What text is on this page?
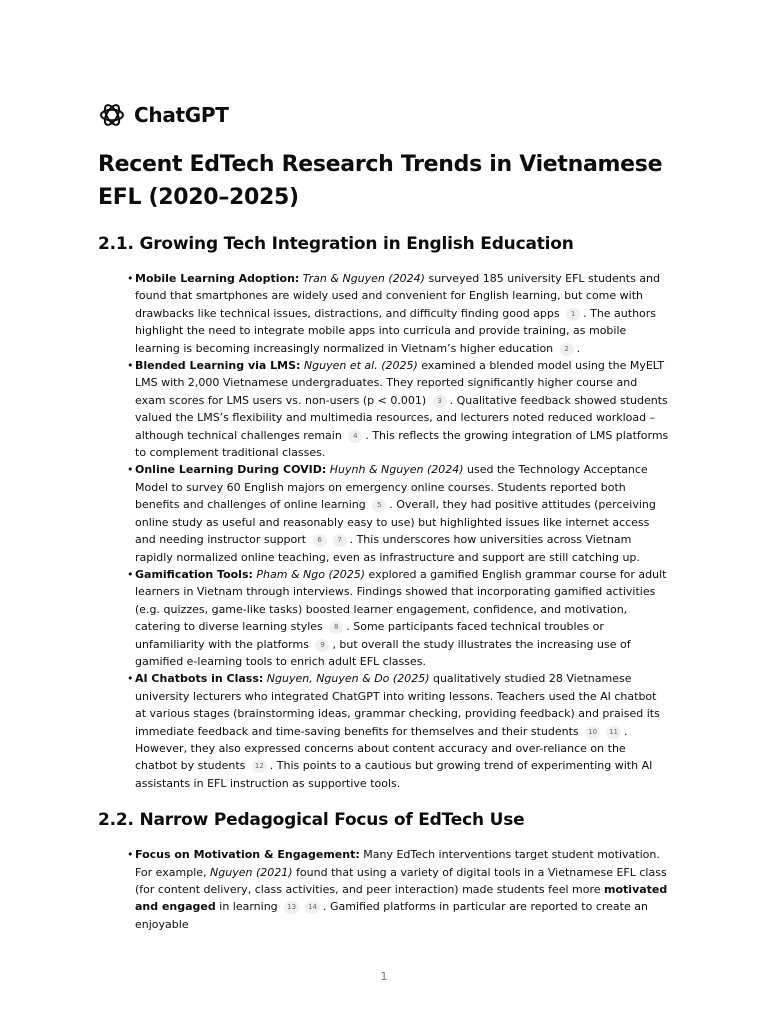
ChatGPT
Recent EdTech Research Trends in Vietnamese EFL (2020–2025)
2.1. Growing Tech Integration in English Education
• Mobile Learning Adoption: Tran & Nguyen (2024) surveyed 185 university EFL students and found that smartphones are widely used and convenient for English learning, but come with drawbacks like technical issues, distractions, and difficulty finding good apps 1 . The authors highlight the need to integrate mobile apps into curricula and provide training, as mobile learning is becoming increasingly normalized in Vietnam’s higher education 2 .
• Blended Learning via LMS: Nguyen et al. (2025) examined a blended model using the MyELT LMS with 2,000 Vietnamese undergraduates. They reported significantly higher course and exam scores for LMS users vs. non-users (p < 0.001) 3 . Qualitative feedback showed students valued the LMS’s flexibility and multimedia resources, and lecturers noted reduced workload – although technical challenges remain 4 . This reflects the growing integration of LMS platforms to complement traditional classes.
• Online Learning During COVID: Huynh & Nguyen (2024) used the Technology Acceptance Model to survey 60 English majors on emergency online courses. Students reported both benefits and challenges of online learning 5 . Overall, they had positive attitudes (perceiving online study as useful and reasonably easy to use) but highlighted issues like internet access and needing instructor support 6 7 . This underscores how universities across Vietnam rapidly normalized online teaching, even as infrastructure and support are still catching up.
• Gamification Tools: Pham & Ngo (2025) explored a gamified English grammar course for adult learners in Vietnam through interviews. Findings showed that incorporating gamified activities (e.g. quizzes, game-like tasks) boosted learner engagement, confidence, and motivation, catering to diverse learning styles 8 . Some participants faced technical troubles or unfamiliarity with the platforms 9 , but overall the study illustrates the increasing use of gamified e-learning tools to enrich adult EFL classes.
• AI Chatbots in Class: Nguyen, Nguyen & Do (2025) qualitatively studied 28 Vietnamese university lecturers who integrated ChatGPT into writing lessons. Teachers used the AI chatbot at various stages (brainstorming ideas, grammar checking, providing feedback) and praised its immediate feedback and time-saving benefits for themselves and their students 10 11 . However, they also expressed concerns about content accuracy and over-reliance on the chatbot by students 12 . This points to a cautious but growing trend of experimenting with AI assistants in EFL instruction as supportive tools.
2.2. Narrow Pedagogical Focus of EdTech Use
• Focus on Motivation & Engagement: Many EdTech interventions target student motivation. For example, Nguyen (2021) found that using a variety of digital tools in a Vietnamese EFL class (for content delivery, class activities, and peer interaction) made students feel more motivated and engaged in learning 13 14 . Gamified platforms in particular are reported to create an enjoyable
1
